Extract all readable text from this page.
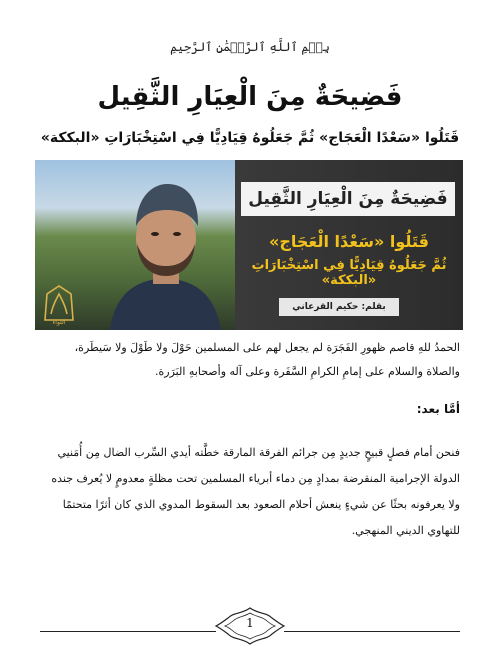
بِسۡمِ ٱللَّهِ ٱلرَّحۡمَٰنِ ٱلرَّحِيمِ
فَضِيحَةٌ مِنَ الْعِيَارِ الثَّقِيل
قَتَلُوا «سَعْدًا الْعَجَاج» ثُمَّ جَعَلُوهُ قِيَادِيًّا فِي اسْتِخْبَارَاتِ «البككة»
فَضِيحَةٌ مِنَ الْعِيَارِ الثَّقِيل
قَتَلُوا «سَعْدًا الْعَجَاج»
ثُمَّ جَعَلُوهُ قِيَادِيًّا فِي اسْتِخْبَارَاتِ «البككة»
بقلم: حكيم القرعاني
اللواء
الحمدُ للهِ قاصم ظهورِ الفَجَرَة لم يجعل لهم على المسلمين حَوْلَ ولا طَوْلَ ولا سَيطَرة، والصلاة والسلام على إمامِ الكرامِ السَّفَرة وعلى آله وأصحابهِ البَرَرة.
أمَّا بعد:
فنحن أمام فصلٍ قبيحٍ جديدٍ مِن جرائم الفرقة المارقة خطَّته أيدي السِّرب الضال مِن أُمَنيي الدولة الإجرامية المنقرضة بمدادٍ مِن دماء أبرياء المسلمين تحت مظلةٍ معدومٍ لا يُعرف جنده ولا يعرفونه بحثًا عن شيءٍ ينعش أحلام الصعود بعد السقوط المدوي الذي كان أثرًا متحتمًا للتهاوي الديني المنهجي.
1
